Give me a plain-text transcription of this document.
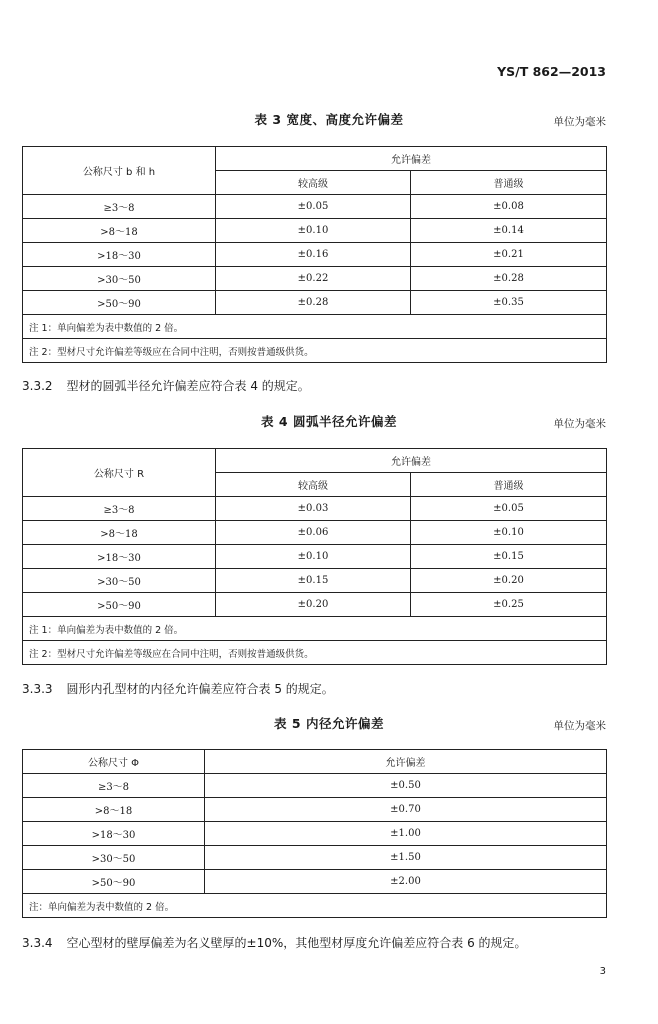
YS/T 862—2013
表 3 宽度、高度允许偏差	单位为毫米
公称尺寸 b 和 h	允许偏差	
	较高级	普通级
≥3～8	±0.05	±0.08
>8～18	±0.10	±0.14
>18～30	±0.16	±0.21
>30～50	±0.22	±0.28
>50～90	±0.28	±0.35
注 1：单向偏差为表中数值的 2 倍。		
注 2：型材尺寸允许偏差等级应在合同中注明，否则按普通级供货。		
3.3.2 型材的圆弧半径允许偏差应符合表 4 的规定。
表 4 圆弧半径允许偏差	单位为毫米
公称尺寸 R	允许偏差	
	较高级	普通级
≥3～8	±0.03	±0.05
>8～18	±0.06	±0.10
>18～30	±0.10	±0.15
>30～50	±0.15	±0.20
>50～90	±0.20	±0.25
注 1：单向偏差为表中数值的 2 倍。		
注 2：型材尺寸允许偏差等级应在合同中注明，否则按普通级供货。		
3.3.3 圆形内孔型材的内径允许偏差应符合表 5 的规定。
表 5 内径允许偏差	单位为毫米
公称尺寸 Φ	允许偏差
≥3～8	±0.50
>8～18	±0.70
>18～30	±1.00
>30～50	±1.50
>50～90	±2.00
注：单向偏差为表中数值的 2 倍。	
3.3.4 空心型材的壁厚偏差为名义壁厚的±10%，其他型材厚度允许偏差应符合表 6 的规定。
3
